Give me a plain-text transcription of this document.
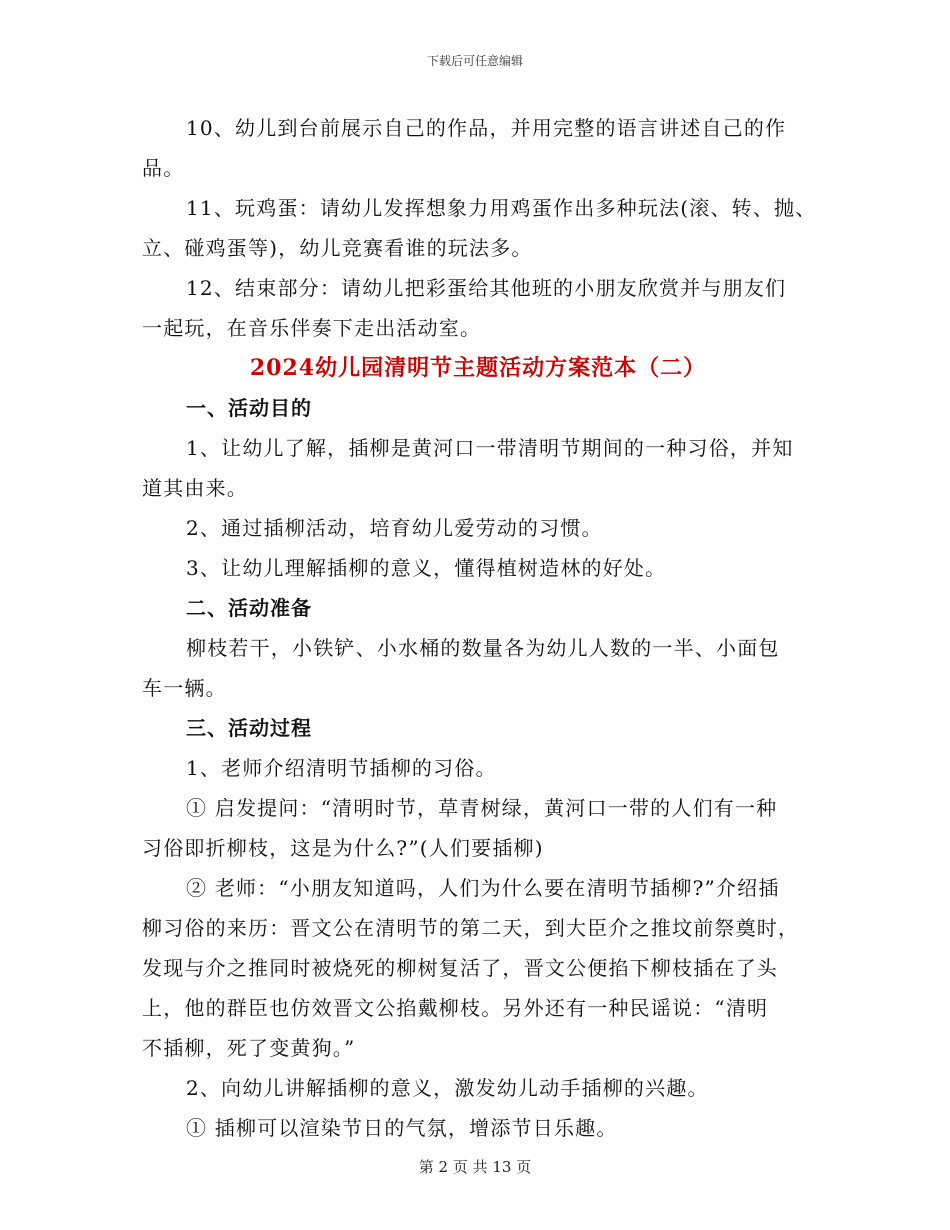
下载后可任意编辑
10、幼儿到台前展示自己的作品，并用完整的语言讲述自己的作
品。
11、玩鸡蛋：请幼儿发挥想象力用鸡蛋作出多种玩法(滚、转、抛、
立、碰鸡蛋等)，幼儿竞赛看谁的玩法多。
12、结束部分：请幼儿把彩蛋给其他班的小朋友欣赏并与朋友们
一起玩，在音乐伴奏下走出活动室。
2024幼儿园清明节主题活动方案范本（二）
一、活动目的
1、让幼儿了解，插柳是黄河口一带清明节期间的一种习俗，并知
道其由来。
2、通过插柳活动，培育幼儿爱劳动的习惯。
3、让幼儿理解插柳的意义，懂得植树造林的好处。
二、活动准备
柳枝若干，小铁铲、小水桶的数量各为幼儿人数的一半、小面包
车一辆。
三、活动过程
1、老师介绍清明节插柳的习俗。
① 启发提问：“清明时节，草青树绿，黄河口一带的人们有一种
习俗即折柳枝，这是为什么?”(人们要插柳)
② 老师：“小朋友知道吗，人们为什么要在清明节插柳?”介绍插
柳习俗的来历：晋文公在清明节的第二天，到大臣介之推坟前祭奠时，
发现与介之推同时被烧死的柳树复活了，晋文公便掐下柳枝插在了头
上，他的群臣也仿效晋文公掐戴柳枝。另外还有一种民谣说：“清明
不插柳，死了变黄狗。”
2、向幼儿讲解插柳的意义，激发幼儿动手插柳的兴趣。
① 插柳可以渲染节日的气氛，增添节日乐趣。
第 2 页 共 13 页
